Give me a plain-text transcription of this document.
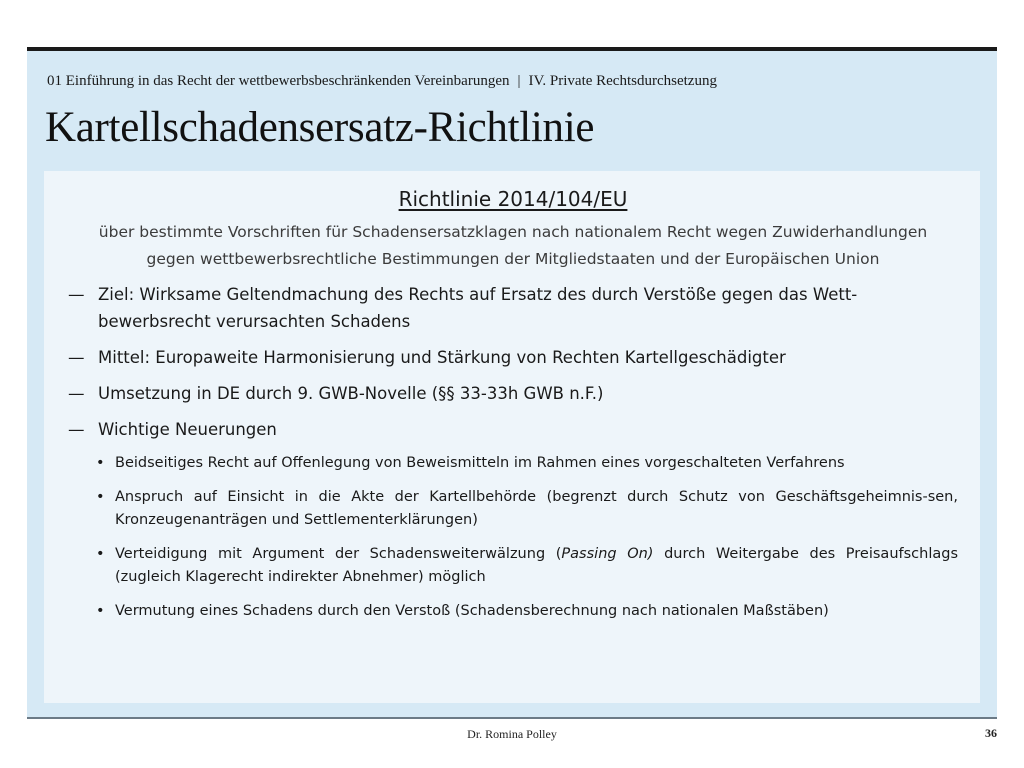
01 Einführung in das Recht der wettbewerbsbeschränkenden Vereinbarungen | IV. Private Rechtsdurchsetzung
Kartellschadensersatz-Richtlinie
Richtlinie 2014/104/EU
über bestimmte Vorschriften für Schadensersatzklagen nach nationalem Recht wegen Zuwiderhandlungen gegen wettbewerbsrechtliche Bestimmungen der Mitgliedstaaten und der Europäischen Union
— Ziel: Wirksame Geltendmachung des Rechts auf Ersatz des durch Verstöße gegen das Wett-bewerbsrecht verursachten Schadens
— Mittel: Europaweite Harmonisierung und Stärkung von Rechten Kartellgeschädigter
— Umsetzung in DE durch 9. GWB-Novelle (§§ 33-33h GWB n.F.)
— Wichtige Neuerungen
• Beidseitiges Recht auf Offenlegung von Beweismitteln im Rahmen eines vorgeschalteten Verfahrens
• Anspruch auf Einsicht in die Akte der Kartellbehörde (begrenzt durch Schutz von Geschäftsgeheimnis-sen, Kronzeugenanträgen und Settlementerklärungen)
• Verteidigung mit Argument der Schadensweiterwälzung (Passing On) durch Weitergabe des Preisaufschlags (zugleich Klagerecht indirekter Abnehmer) möglich
• Vermutung eines Schadens durch den Verstoß (Schadensberechnung nach nationalen Maßstäben)
Dr. Romina Polley	36
